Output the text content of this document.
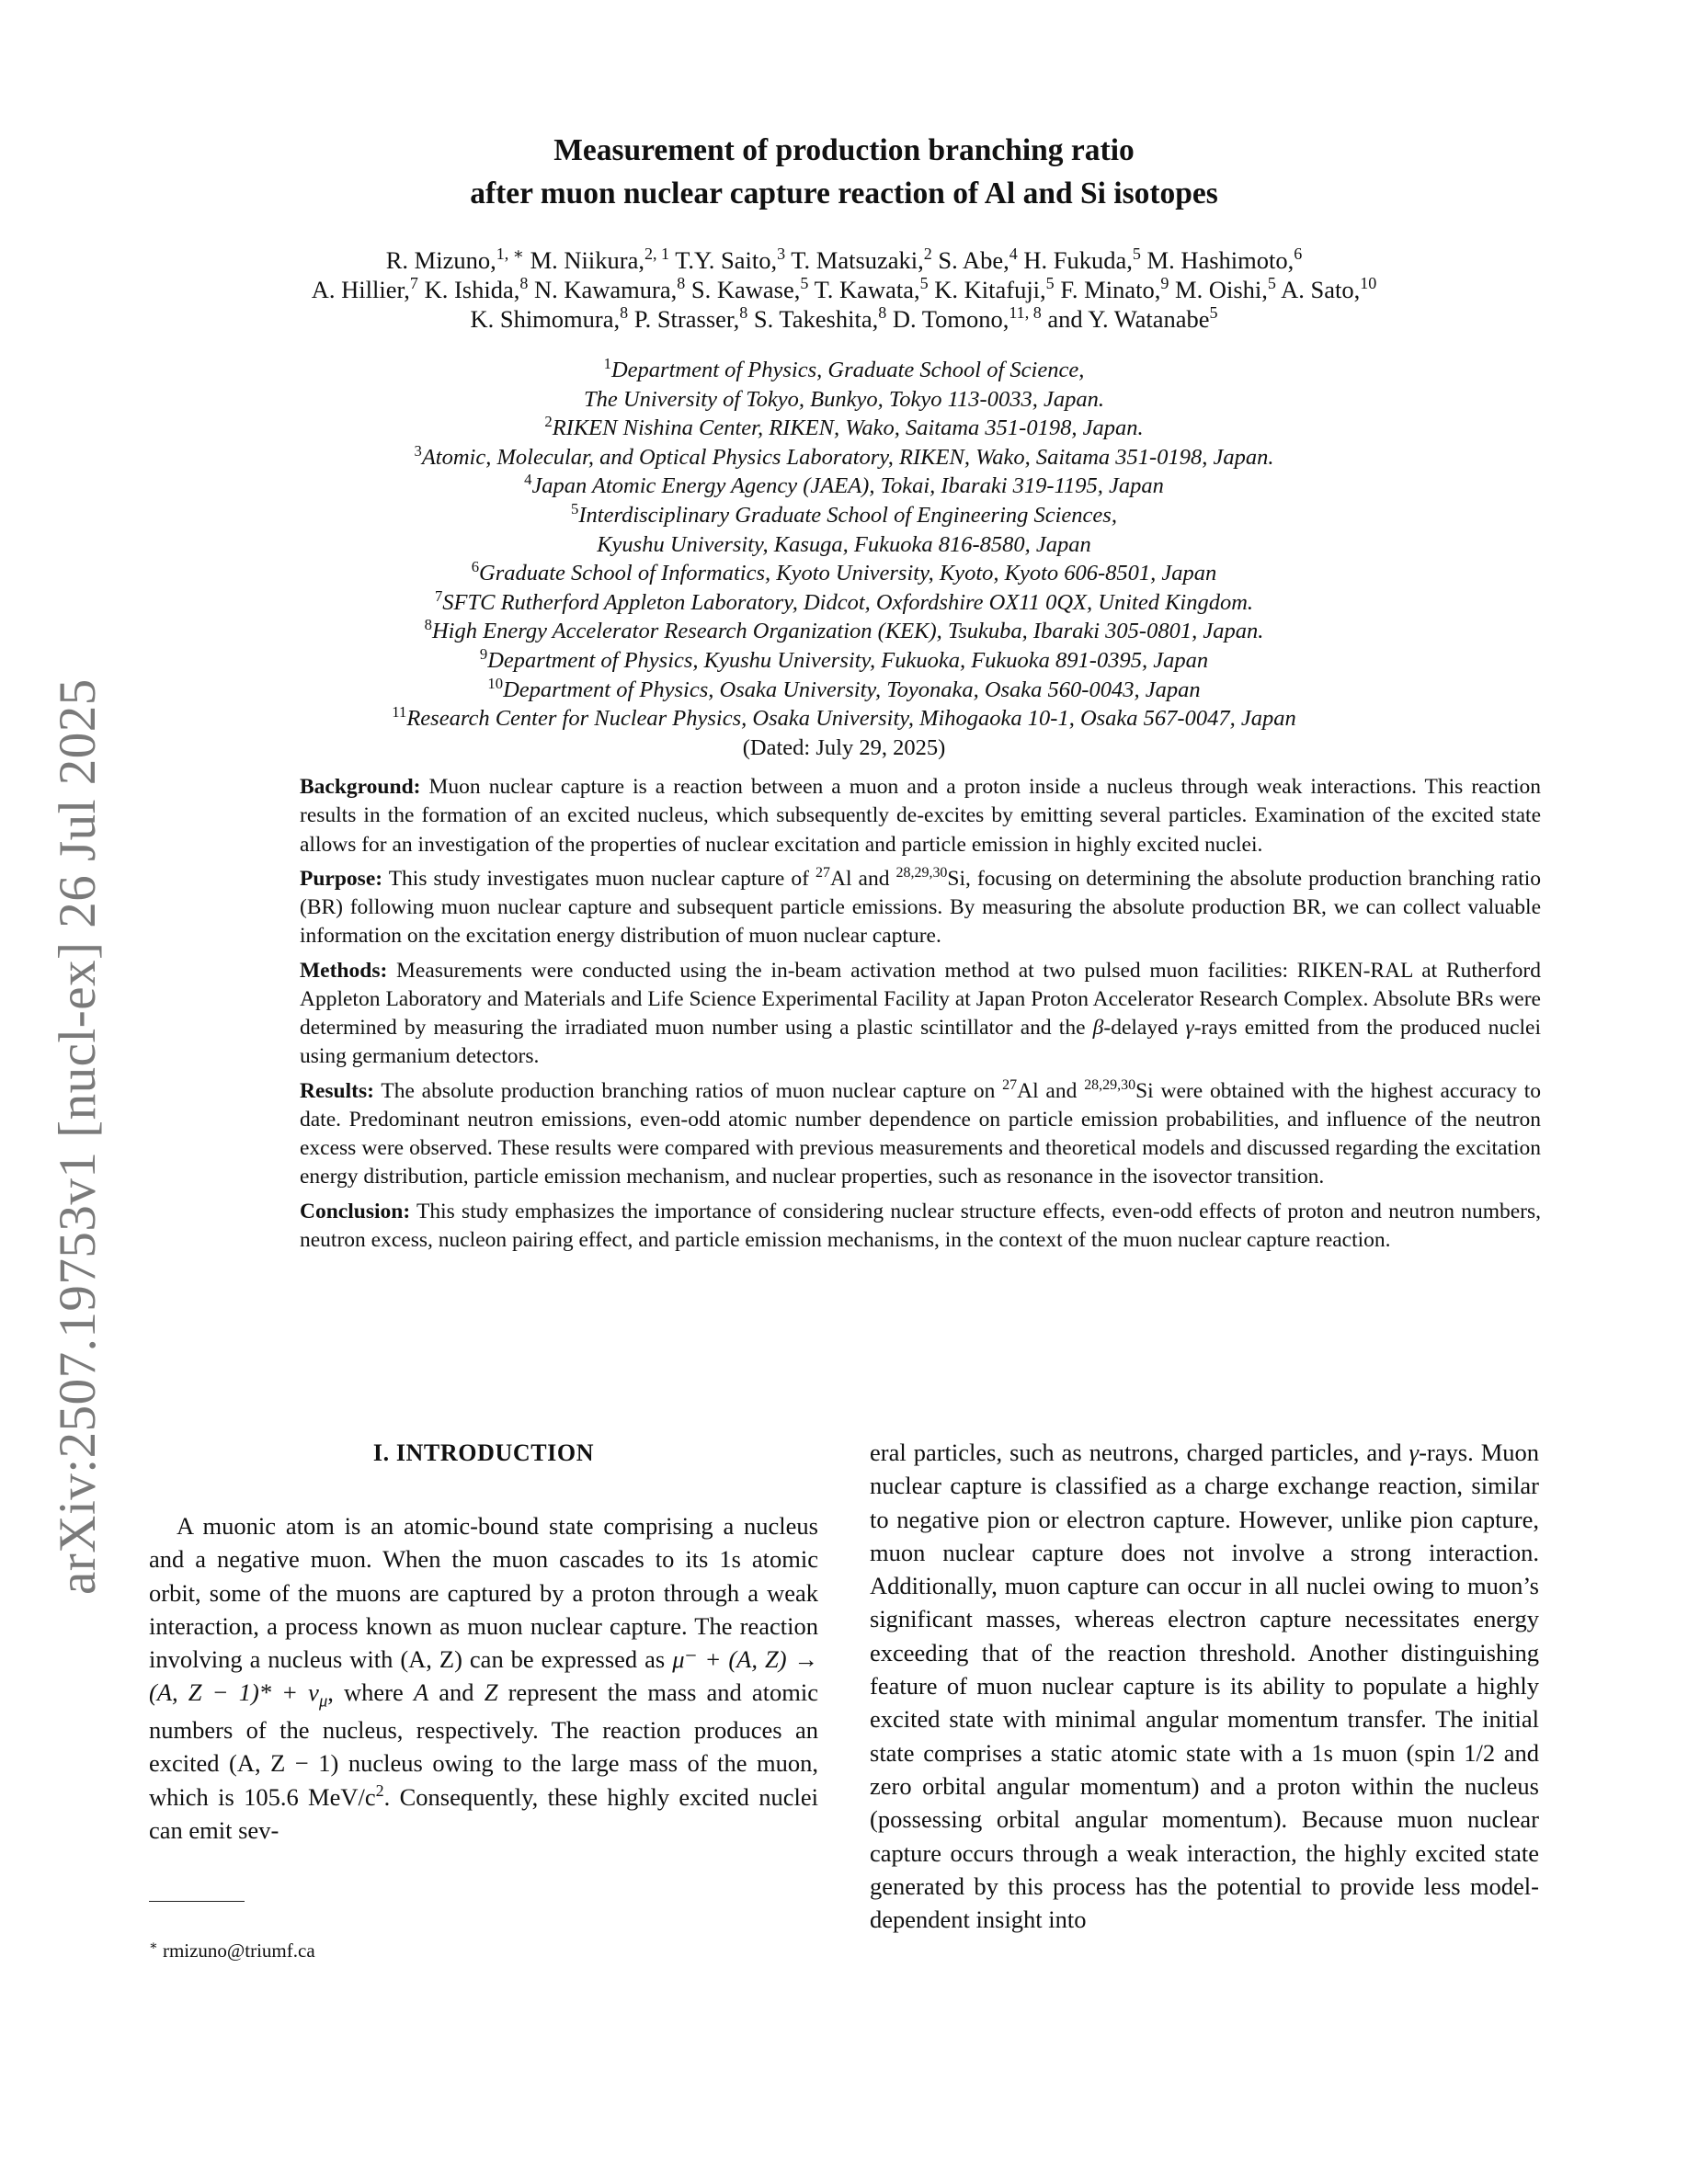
arXiv:2507.19753v1 [nucl-ex] 26 Jul 2025
Measurement of production branching ratio
after muon nuclear capture reaction of Al and Si isotopes
R. Mizuno,$^{1, ∗}$ M. Niikura,$^{2, 1}$ T.Y. Saito,$^3$ T. Matsuzaki,$^2$ S. Abe,$^4$ H. Fukuda,$^5$ M. Hashimoto,$^6$
A. Hillier,$^7$ K. Ishida,$^8$ N. Kawamura,$^8$ S. Kawase,$^5$ T. Kawata,$^5$ K. Kitafuji,$^5$ F. Minato,$^9$ M. Oishi,$^5$ A. Sato,$^{10}$
K. Shimomura,$^8$ P. Strasser,$^8$ S. Takeshita,$^8$ D. Tomono,$^{11, 8}$ and Y. Watanabe$^5$
$^1$Department of Physics, Graduate School of Science,
The University of Tokyo, Bunkyo, Tokyo 113-0033, Japan.
$^2$RIKEN Nishina Center, RIKEN, Wako, Saitama 351-0198, Japan.
$^3$Atomic, Molecular, and Optical Physics Laboratory, RIKEN, Wako, Saitama 351-0198, Japan.
$^4$Japan Atomic Energy Agency (JAEA), Tokai, Ibaraki 319-1195, Japan
$^5$Interdisciplinary Graduate School of Engineering Sciences,
Kyushu University, Kasuga, Fukuoka 816-8580, Japan
$^6$Graduate School of Informatics, Kyoto University, Kyoto, Kyoto 606-8501, Japan
$^7$SFTC Rutherford Appleton Laboratory, Didcot, Oxfordshire OX11 0QX, United Kingdom.
$^8$High Energy Accelerator Research Organization (KEK), Tsukuba, Ibaraki 305-0801, Japan.
$^9$Department of Physics, Kyushu University, Fukuoka, Fukuoka 891-0395, Japan
$^{10}$Department of Physics, Osaka University, Toyonaka, Osaka 560-0043, Japan
$^{11}$Research Center for Nuclear Physics, Osaka University, Mihogaoka 10-1, Osaka 567-0047, Japan
(Dated: July 29, 2025)

Background: Muon nuclear capture is a reaction between a muon and a proton inside a nucleus through weak interactions. This reaction results in the formation of an excited nucleus, which subsequently de-excites by emitting several particles. Examination of the excited state allows for an investigation of the properties of nuclear excitation and particle emission in highly excited nuclei.

Purpose: This study investigates muon nuclear capture of $^{27}$Al and $^{28,29,30}$Si, focusing on determining the absolute production branching ratio (BR) following muon nuclear capture and subsequent particle emissions. By measuring the absolute production BR, we can collect valuable information on the excitation energy distribution of muon nuclear capture.

Methods: Measurements were conducted using the in-beam activation method at two pulsed muon facilities: RIKEN-RAL at Rutherford Appleton Laboratory and Materials and Life Science Experimental Facility at Japan Proton Accelerator Research Complex. Absolute BRs were determined by measuring the irradiated muon number using a plastic scintillator and the β-delayed γ-rays emitted from the produced nuclei using germanium detectors.

Results: The absolute production branching ratios of muon nuclear capture on $^{27}$Al and $^{28,29,30}$Si were obtained with the highest accuracy to date. Predominant neutron emissions, even-odd atomic number dependence on particle emission probabilities, and influence of the neutron excess were observed. These results were compared with previous measurements and theoretical models and discussed regarding the excitation energy distribution, particle emission mechanism, and nuclear properties, such as resonance in the isovector transition.

Conclusion: This study emphasizes the importance of considering nuclear structure effects, even-odd effects of proton and neutron numbers, neutron excess, nucleon pairing effect, and particle emission mechanisms, in the context of the muon nuclear capture reaction.

I. INTRODUCTION

A muonic atom is an atomic-bound state comprising a nucleus and a negative muon. When the muon cascades to its 1s atomic orbit, some of the muons are captured by a proton through a weak interaction, a process known as muon nuclear capture. The reaction involving a nucleus with (A, Z) can be expressed as μ⁻ + (A, Z) → (A, $Z - 1)* + \nu_\mu$, where A and Z represent the mass and atomic numbers of the nucleus, respectively. The reaction produces an excited (A, Z − 1) nucleus owing to the large mass of the muon, which is 105.6 MeV/$c^2$. Consequently, these highly excited nuclei can emit sev-

eral particles, such as neutrons, charged particles, and γ-rays. Muon nuclear capture is classified as a charge exchange reaction, similar to negative pion or electron capture. However, unlike pion capture, muon nuclear capture does not involve a strong interaction. Additionally, muon capture can occur in all nuclei owing to muon’s significant masses, whereas electron capture necessitates energy exceeding that of the reaction threshold. Another distinguishing feature of muon nuclear capture is its ability to populate a highly excited state with minimal angular momentum transfer. The initial state comprises a static atomic state with a 1s muon (spin 1/2 and zero orbital angular momentum) and a proton within the nucleus (possessing orbital angular momentum). Because muon nuclear capture occurs through a weak interaction, the highly excited state generated by this process has the potential to provide less model-dependent insight into

∗ rmizuno@triumf.ca
